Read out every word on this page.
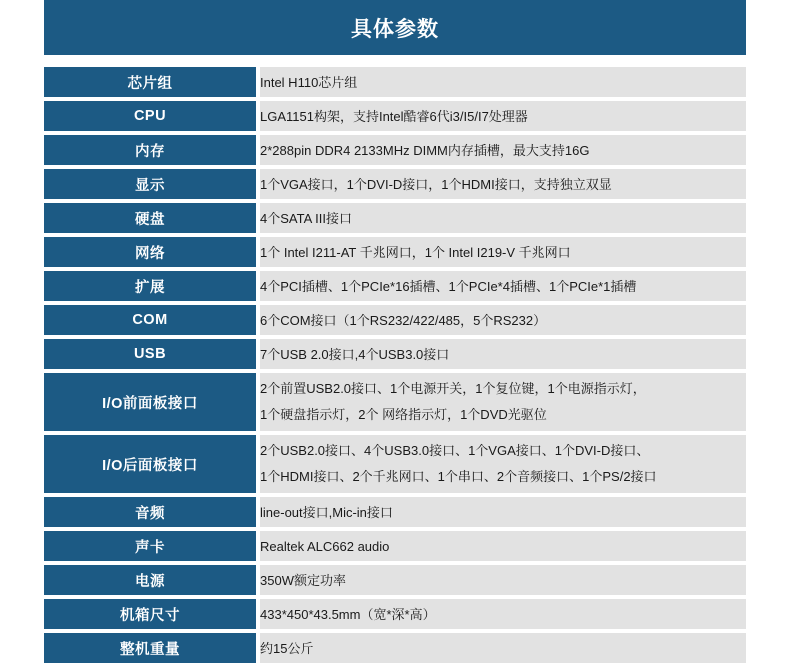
具体参数
芯片组		Intel H110芯片组

CPU		LGA1151构架，支持Intel酷睿6代i3/I5/I7处理器

内存		2*288pin DDR4 2133MHz DIMM内存插槽，最大支持16G

显示		1个VGA接口，1个DVI-D接口，1个HDMI接口，支持独立双显

硬盘		4个SATA III接口

网络		1个 Intel I211-AT 千兆网口，1个 Intel I219-V 千兆网口

扩展		4个PCI插槽、1个PCIe*16插槽、1个PCIe*4插槽、1个PCIe*1插槽

COM		6个COM接口（1个RS232/422/485，5个RS232）

USB		7个USB 2.0接口,4个USB3.0接口

I/O前面板接口		2个前置USB2.0接口、1个电源开关，1个复位键，1个电源指示灯，
1个硬盘指示灯，2个 网络指示灯，1个DVD光驱位

I/O后面板接口		2个USB2.0接口、4个USB3.0接口、1个VGA接口、1个DVI-D接口、
1个HDMI接口、2个千兆网口、1个串口、2个音频接口、1个PS/2接口

音频		line-out接口,Mic-in接口

声卡		Realtek ALC662 audio

电源		350W额定功率

机箱尺寸		433*450*43.5mm（宽*深*高）

整机重量		约15公斤
